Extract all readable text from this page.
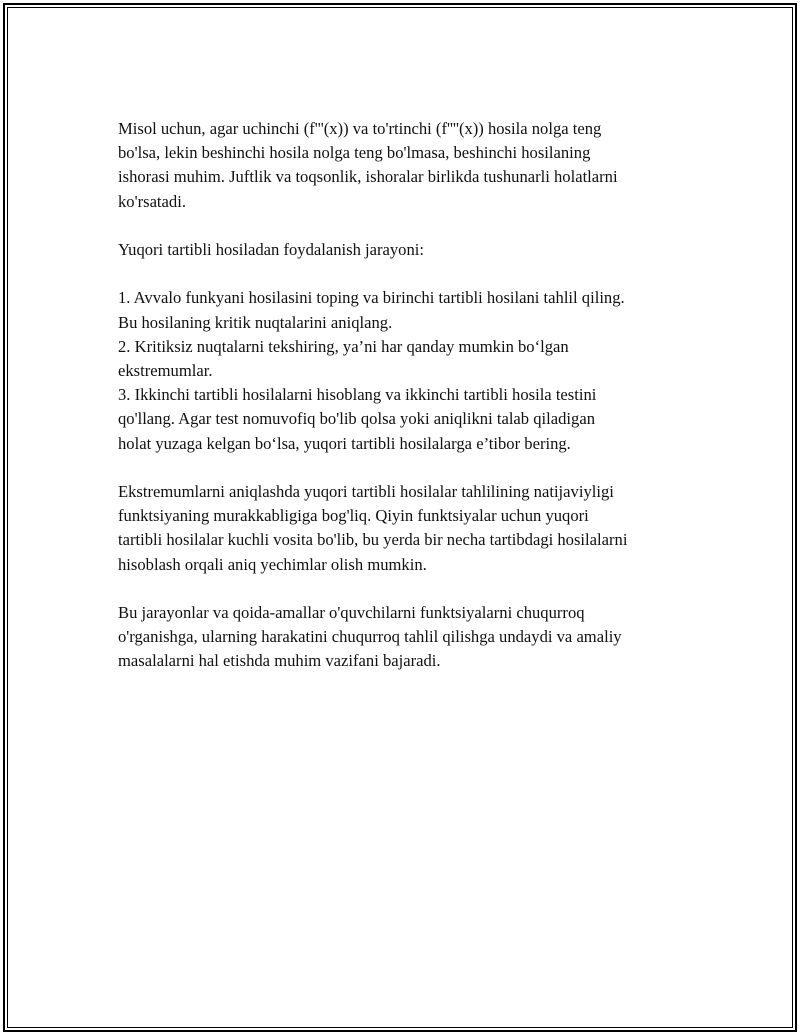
Misol uchun, agar uchinchi (f'''(x)) va to'rtinchi (f''''(x)) hosila nolga teng
bo'lsa, lekin beshinchi hosila nolga teng bo'lmasa, beshinchi hosilaning
ishorasi muhim. Juftlik va toqsonlik, ishoralar birlikda tushunarli holatlarni
ko'rsatadi.

Yuqori tartibli hosiladan foydalanish jarayoni:

1. Avvalo funkyani hosilasini toping va birinchi tartibli hosilani tahlil qiling.
Bu hosilaning kritik nuqtalarini aniqlang.
2. Kritiksiz nuqtalarni tekshiring, ya’ni har qanday mumkin bo‘lgan
ekstremumlar.
3. Ikkinchi tartibli hosilalarni hisoblang va ikkinchi tartibli hosila testini
qo'llang. Agar test nomuvofiq bo'lib qolsa yoki aniqlikni talab qiladigan
holat yuzaga kelgan bo‘lsa, yuqori tartibli hosilalarga e’tibor bering.

Ekstremumlarni aniqlashda yuqori tartibli hosilalar tahlilining natijaviyligi
funktsiyaning murakkabligiga bog'liq. Qiyin funktsiyalar uchun yuqori
tartibli hosilalar kuchli vosita bo'lib, bu yerda bir necha tartibdagi hosilalarni
hisoblash orqali aniq yechimlar olish mumkin.

Bu jarayonlar va qoida-amallar o'quvchilarni funktsiyalarni chuqurroq
o'rganishga, ularning harakatini chuqurroq tahlil qilishga undaydi va amaliy
masalalarni hal etishda muhim vazifani bajaradi.
